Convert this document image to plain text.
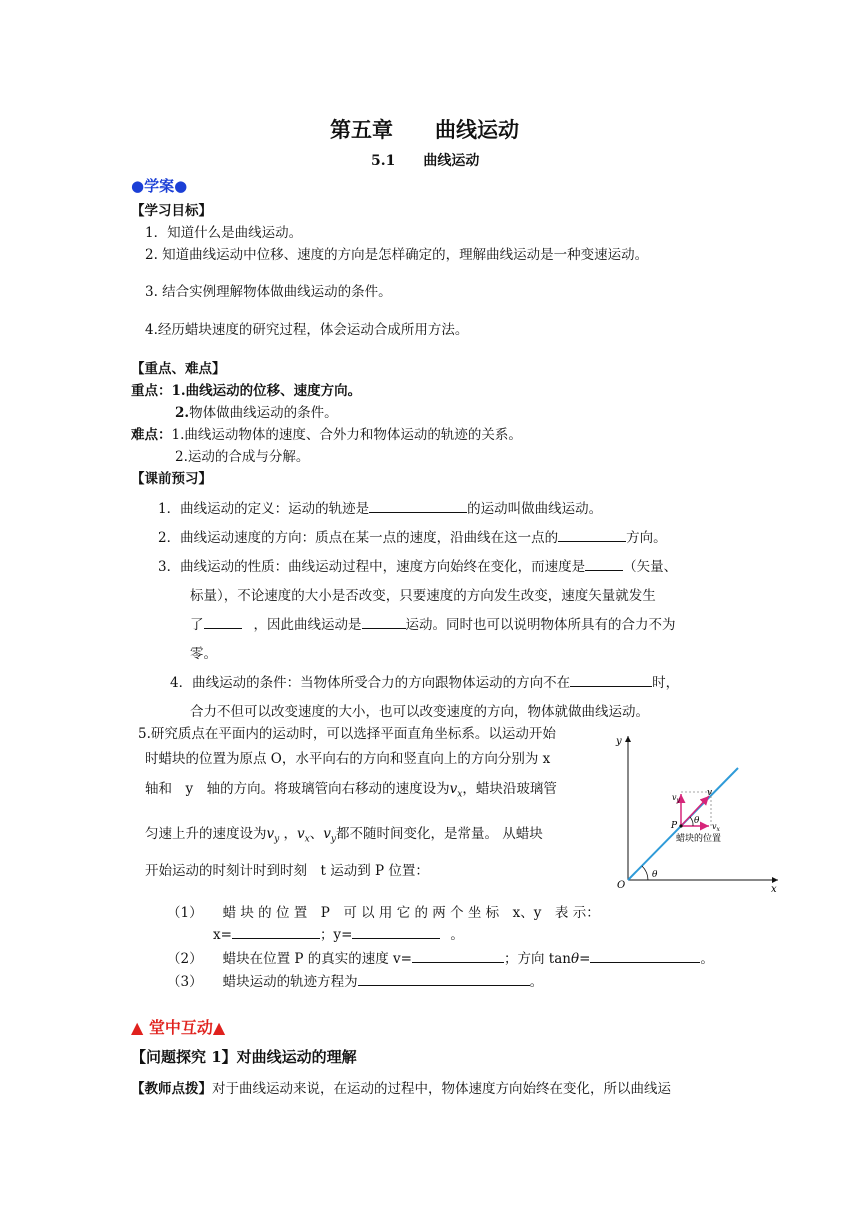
第五章　　曲线运动
5.1　　曲线运动
●学案●
【学习目标】
1．知道什么是曲线运动。
2. 知道曲线运动中位移、速度的方向是怎样确定的，理解曲线运动是一种变速运动。
3. 结合实例理解物体做曲线运动的条件。
4.经历蜡块速度的研究过程，体会运动合成所用方法。
【重点、难点】
重点：1.曲线运动的位移、速度方向。
2.物体做曲线运动的条件。
难点：1.曲线运动物体的速度、合外力和物体运动的轨迹的关系。
2.运动的合成与分解。
【课前预习】
1．曲线运动的定义：运动的轨迹是	的运动叫做曲线运动。
2．曲线运动速度的方向：质点在某一点的速度，沿曲线在这一点的	方向。
3．曲线运动的性质：曲线运动过程中，速度方向始终在变化，而速度是	（矢量、
标量），不论速度的大小是否改变，只要速度的方向发生改变，速度矢量就发生
了	，因此曲线运动是	运动。同时也可以说明物体所具有的合力不为
零。
4．曲线运动的条件：当物体所受合力的方向跟物体运动的方向不在	时，
合力不但可以改变速度的大小，也可以改变速度的方向，物体就做曲线运动。
5.研究质点在平面内的运动时，可以选择平面直角坐标系。以运动开始
时蜡块的位置为原点 O，水平向右的方向和竖直向上的方向分别为 x
轴和　y　轴的方向。将玻璃管向右移动的速度设为$v_x$，蜡块沿玻璃管
匀速上升的速度设为$v_y$ ，$v_x$、$v_y$都不随时间变化，是常量。 从蜡块
开始运动的时刻计时到时刻　t 运动到 P 位置：
y
x
O
θ
θ
P
v
$v_y$
$v_x$
蜡块的位置
（1） 蜡 块 的 位 置　P　可 以 用 它 的 两 个 坐 标　x、y　表 示：
x=	；y=	。
（2） 蜡块在位置 P 的真实的速度 v=	；方向 tanθ=	。
（3） 蜡块运动的轨迹方程为	。
▲ 堂中互动▲
【问题探究 1】对曲线运动的理解
【教师点拨】对于曲线运动来说，在运动的过程中，物体速度方向始终在变化，所以曲线运
